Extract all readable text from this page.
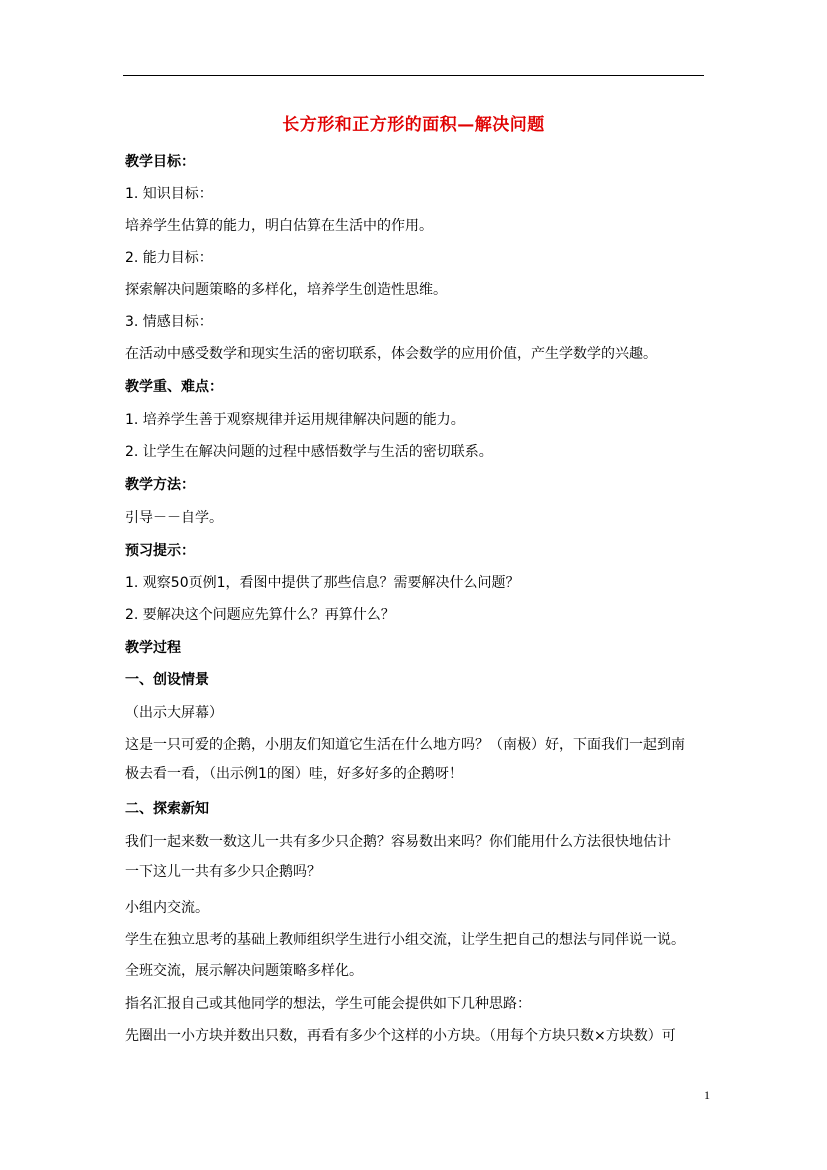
长方形和正方形的面积—解决问题
教学目标：
1. 知识目标：
培养学生估算的能力，明白估算在生活中的作用。
2. 能力目标：
探索解决问题策略的多样化，培养学生创造性思维。
3. 情感目标：
在活动中感受数学和现实生活的密切联系，体会数学的应用价值，产生学数学的兴趣。
教学重、难点：
1. 培养学生善于观察规律并运用规律解决问题的能力。
2. 让学生在解决问题的过程中感悟数学与生活的密切联系。
教学方法：
引导－－自学。
预习提示：
1. 观察50页例1，看图中提供了那些信息？需要解决什么问题？
2. 要解决这个问题应先算什么？再算什么？
教学过程
一、创设情景
（出示大屏幕）
这是一只可爱的企鹅，小朋友们知道它生活在什么地方吗？（南极）好，下面我们一起到南
极去看一看，（出示例1的图）哇，好多好多的企鹅呀！
二、探索新知
我们一起来数一数这儿一共有多少只企鹅？容易数出来吗？你们能用什么方法很快地估计
一下这儿一共有多少只企鹅吗？
小组内交流。
学生在独立思考的基础上教师组织学生进行小组交流，让学生把自己的想法与同伴说一说。
全班交流，展示解决问题策略多样化。
指名汇报自己或其他同学的想法，学生可能会提供如下几种思路：
先圈出一小方块并数出只数，再看有多少个这样的小方块。（用每个方块只数×方块数）可
1
